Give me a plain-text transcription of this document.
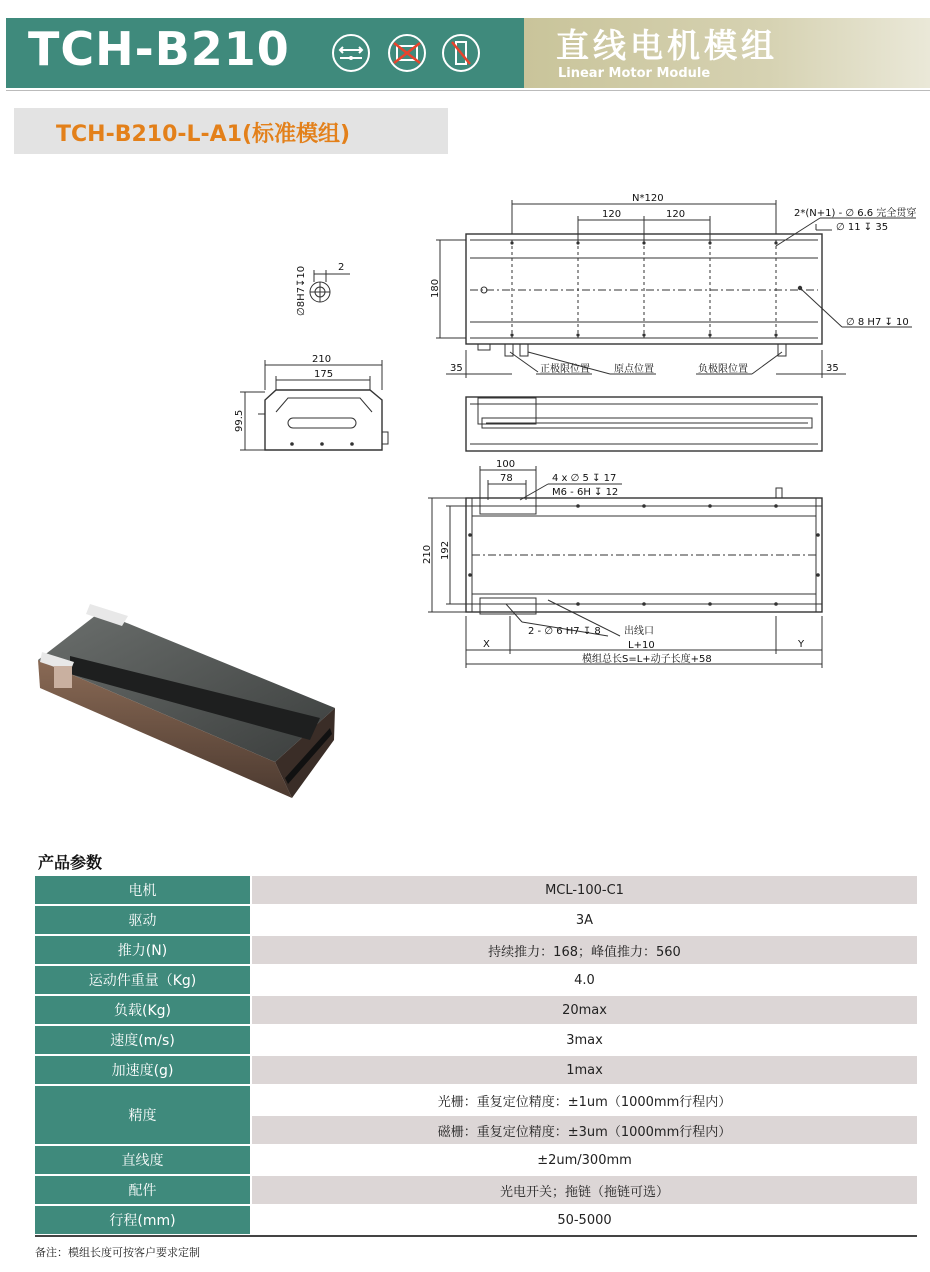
TCH-B210	直线电机模组
Linear Motor Module
TCH-B210-L-A1(标准模组)
N*120
120	120	2*(N+1) - ∅ 6.6 完全贯穿
∅ 11 ↧ 35
180
∅ 8 H7 ↧ 10
35	35
正极限位置 原点位置	负极限位置
∅8H7↧10	2
210
175
99.5
100
78	4 x ∅ 5 ↧ 17
M6 - 6H ↧ 12
210 192
2 - ∅ 6 H7 ↧ 8 出线口
X	L+10	Y
模组总长S=L+动子长度+58
产品参数
电机	MCL-100-C1
驱动	3A
推力(N)	持续推力：168；峰值推力：560
运动件重量（Kg)	4.0
负载(Kg)	20max
速度(m/s)	3max
加速度(g)	1max
精度	光栅：重复定位精度：±1um（1000mm行程内）
	磁栅：重复定位精度：±3um（1000mm行程内）
直线度	±2um/300mm
配件	光电开关；拖链（拖链可选）
行程(mm)	50-5000
备注：模组长度可按客户要求定制
